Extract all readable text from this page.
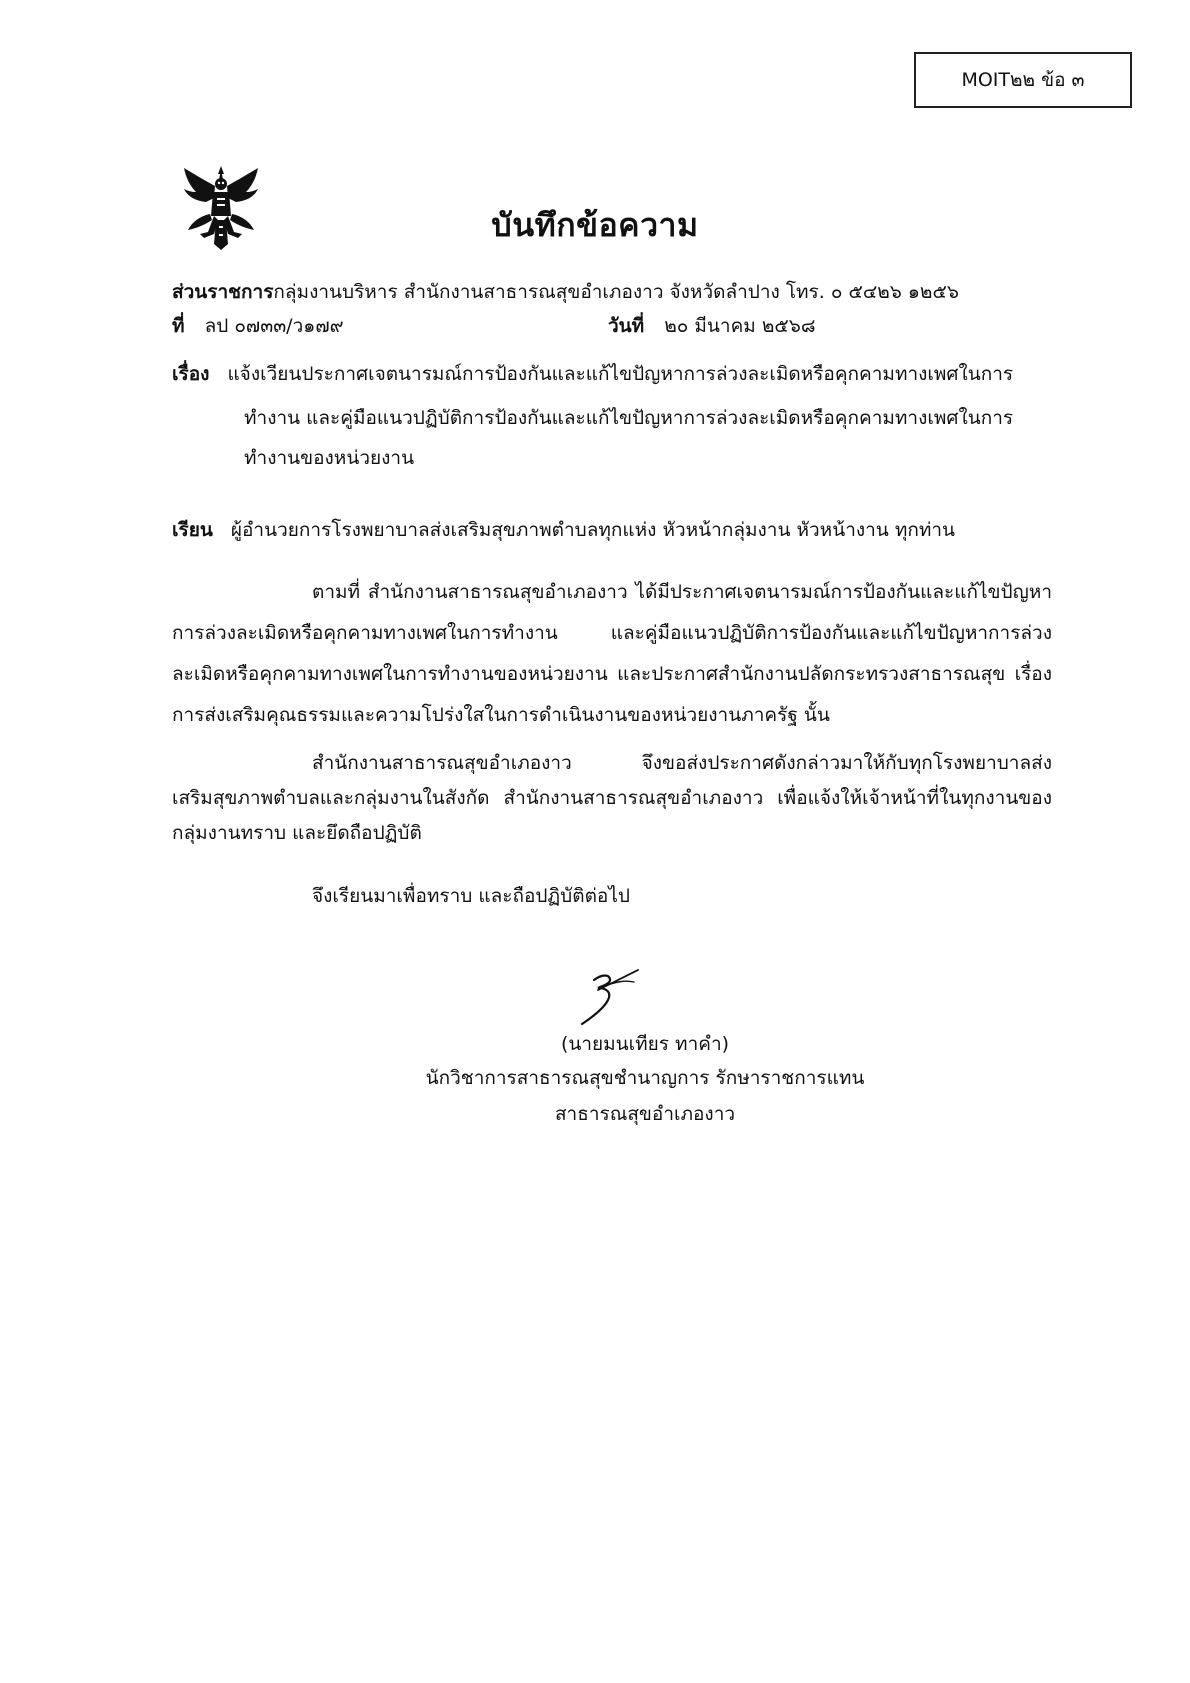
MOIT๒๒ ข้อ ๓
บันทึกข้อความ
ส่วนราชการกลุ่มงานบริหาร สำนักงานสาธารณสุขอำเภองาว จังหวัดลำปาง โทร. ๐ ๕๔๒๖ ๑๒๕๖
ที่ ลป ๐๗๓๓/ว๑๗๙	วันที่ ๒๐ มีนาคม ๒๕๖๘
เรื่อง แจ้งเวียนประกาศเจตนารมณ์การป้องกันและแก้ไขปัญหาการล่วงละเมิดหรือคุกคามทางเพศในการ
ทำงาน และคู่มือแนวปฏิบัติการป้องกันและแก้ไขปัญหาการล่วงละเมิดหรือคุกคามทางเพศในการ
ทำงานของหน่วยงาน
เรียน ผู้อำนวยการโรงพยาบาลส่งเสริมสุขภาพตำบลทุกแห่ง หัวหน้ากลุ่มงาน หัวหน้างาน ทุกท่าน
ตามที่ สำนักงานสาธารณสุขอำเภองาว ได้มีประกาศเจตนารมณ์การป้องกันและแก้ไขปัญหาการล่วงละเมิดหรือคุกคามทางเพศในการทำงาน และคู่มือแนวปฏิบัติการป้องกันและแก้ไขปัญหาการล่วงละเมิดหรือคุกคามทางเพศในการทำงานของหน่วยงาน และประกาศสำนักงานปลัดกระทรวงสาธารณสุข เรื่อง การส่งเสริมคุณธรรมและความโปร่งใสในการดำเนินงานของหน่วยงานภาครัฐ นั้น
สำนักงานสาธารณสุขอำเภองาว จึงขอส่งประกาศดังกล่าวมาให้กับทุกโรงพยาบาลส่งเสริมสุขภาพตำบลและกลุ่มงานในสังกัด สำนักงานสาธารณสุขอำเภองาว เพื่อแจ้งให้เจ้าหน้าที่ในทุกงานของกลุ่มงานทราบ และยึดถือปฏิบัติ
จึงเรียนมาเพื่อทราบ และถือปฏิบัติต่อไป
(นายมนเทียร ทาคำ)
นักวิชาการสาธารณสุขชำนาญการ รักษาราชการแทน
สาธารณสุขอำเภองาว
